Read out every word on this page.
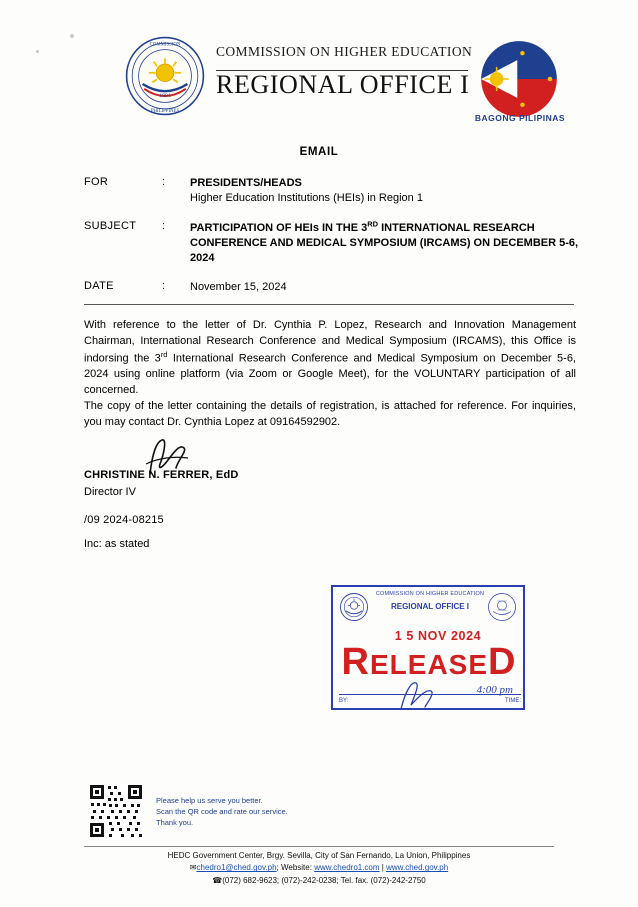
1994
COMMISSION
PHILIPPINES
COMMISSION ON HIGHER EDUCATION
REGIONAL OFFICE I
BAGONG PILIPINAS
EMAIL
FOR	:	PRESIDENTS/HEADS
Higher Education Institutions (HEIs) in Region 1
SUBJECT	:	PARTICIPATION OF HEIs IN THE 3RD INTERNATIONAL RESEARCH CONFERENCE AND MEDICAL SYMPOSIUM (IRCAMS) ON DECEMBER 5-6, 2024
DATE	:	November 15, 2024
With reference to the letter of Dr. Cynthia P. Lopez, Research and Innovation Management Chairman, International Research Conference and Medical Symposium (IRCAMS), this Office is indorsing the 3rd International Research Conference and Medical Symposium on December 5-6, 2024 using online platform (via Zoom or Google Meet), for the VOLUNTARY participation of all concerned.
The copy of the letter containing the details of registration, is attached for reference. For inquiries, you may contact Dr. Cynthia Lopez at 09164592902.
CHRISTINE N. FERRER, EdD
Director IV
/09 2024-08215
Inc: as stated
COMMISSION ON HIGHER EDUCATION
REGIONAL OFFICE I
1 5 NOV 2024
RELEASED
4:00 pm
BY:	TIME:
Please help us serve you better.
Scan the QR code and rate our service.
Thank you.
HEDC Government Center, Brgy. Sevilla, City of San Fernando, La Union, Philippines
✉chedro1@ched.gov.ph; Website: www.chedro1.com | www.ched.gov.ph
☎(072) 682-9623; (072)-242-0238; Tel. fax. (072)-242-2750
